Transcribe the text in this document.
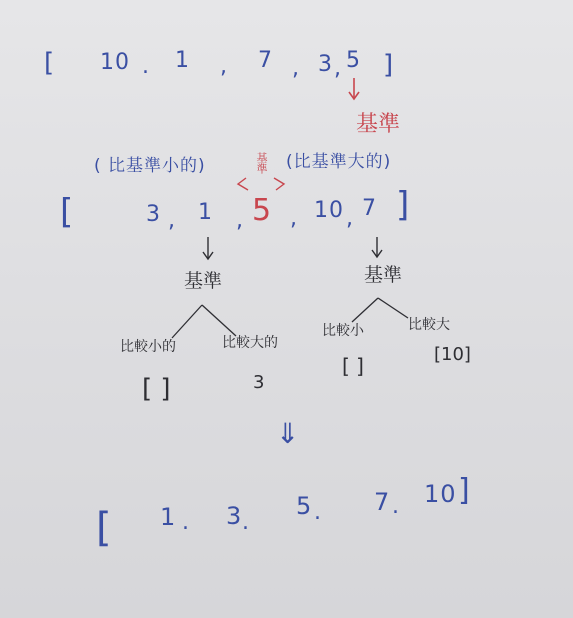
[ 10 . 1 , 7 , 3 , 5 ]
基準
( 比基準小的)	基準 (比基準大的)
[	3 , 1 , 5 , 10 , 7 ]
基準
比較小的	比較大的
[ ]	3
基準
比較小	比較大
[ ]	[10]
⇓
[ 1 . 3 .
5 . 7 . 10 ]
